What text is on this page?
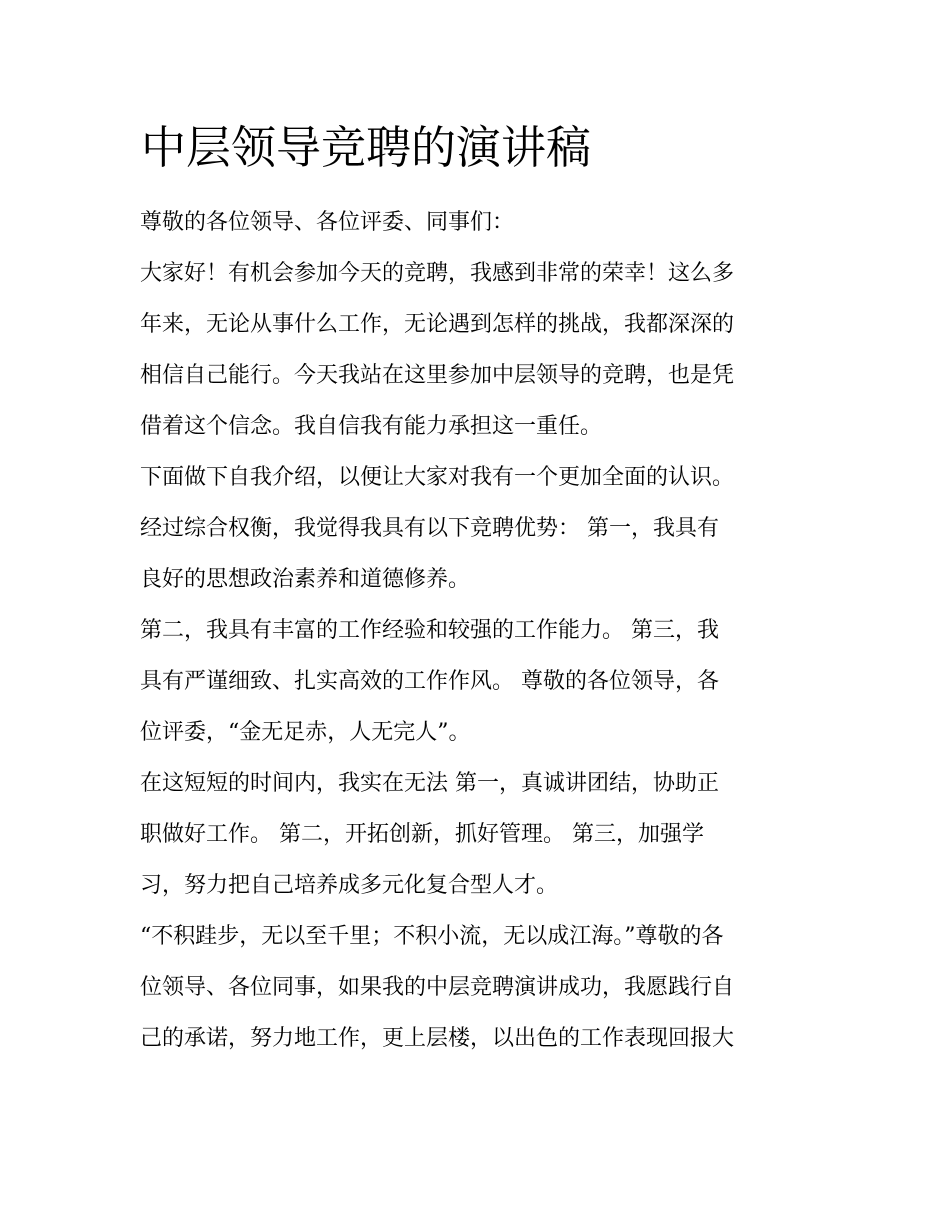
中层领导竞聘的演讲稿

尊敬的各位领导、各位评委、同事们：

大家好！有机会参加今天的竞聘，我感到非常的荣幸！这么多

年来，无论从事什么工作，无论遇到怎样的挑战，我都深深的

相信自己能行。今天我站在这里参加中层领导的竞聘，也是凭

借着这个信念。我自信我有能力承担这一重任。

下面做下自我介绍，以便让大家对我有一个更加全面的认识。

经过综合权衡，我觉得我具有以下竞聘优势： 第一，我具有

良好的思想政治素养和道德修养。

第二，我具有丰富的工作经验和较强的工作能力。 第三，我

具有严谨细致、扎实高效的工作作风。 尊敬的各位领导，各

位评委，“金无足赤，人无完人”。

在这短短的时间内，我实在无法 第一，真诚讲团结，协助正

职做好工作。 第二，开拓创新，抓好管理。 第三，加强学

习，努力把自己培养成多元化复合型人才。

“不积跬步，无以至千里；不积小流，无以成江海。”尊敬的各

位领导、各位同事，如果我的中层竞聘演讲成功，我愿践行自

己的承诺，努力地工作，更上层楼，以出色的工作表现回报大
